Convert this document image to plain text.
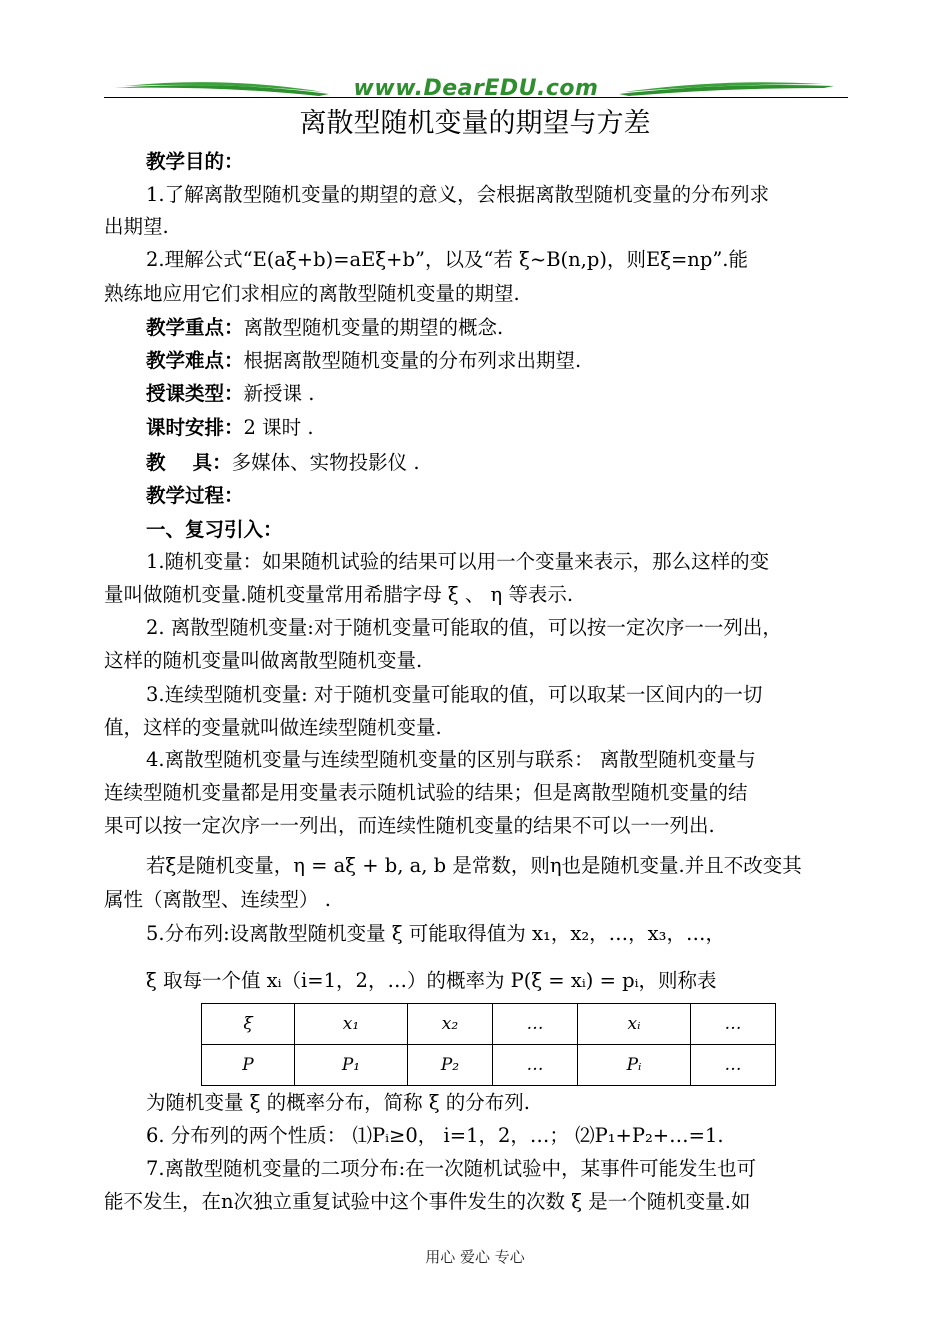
www.DearEDU.com
离散型随机变量的期望与方差
教学目的：
1.了解离散型随机变量的期望的意义，会根据离散型随机变量的分布列求
出期望.
2.理解公式“E(aξ+b)=aEξ+b”，以及“若 ξ~B(n,p)，则Eξ=np”.能
熟练地应用它们求相应的离散型随机变量的期望.
教学重点：离散型随机变量的期望的概念.
教学难点：根据离散型随机变量的分布列求出期望.
授课类型：新授课 .
课时安排：2 课时 .
教    具：多媒体、实物投影仪 .
教学过程：
一、复习引入：
1.随机变量：如果随机试验的结果可以用一个变量来表示，那么这样的变
量叫做随机变量.随机变量常用希腊字母 ξ 、 η 等表示.
2. 离散型随机变量:对于随机变量可能取的值，可以按一定次序一一列出，
这样的随机变量叫做离散型随机变量.
3.连续型随机变量: 对于随机变量可能取的值，可以取某一区间内的一切
值，这样的变量就叫做连续型随机变量.
4.离散型随机变量与连续型随机变量的区别与联系： 离散型随机变量与
连续型随机变量都是用变量表示随机试验的结果；但是离散型随机变量的结
果可以按一定次序一一列出，而连续性随机变量的结果不可以一一列出.
若ξ是随机变量，η = aξ + b, a, b 是常数，则η也是随机变量.并且不改变其
属性（离散型、连续型） .
5.分布列:设离散型随机变量 ξ 可能取得值为 x₁，x₂，…，x₃，…，
ξ 取每一个值 xᵢ（i=1，2，…）的概率为 P(ξ = xᵢ) = pᵢ，则称表
ξ	x₁	x₂	…	xᵢ	…
P	P₁	P₂	…	Pᵢ	…
为随机变量 ξ 的概率分布，简称 ξ 的分布列.
6. 分布列的两个性质： ⑴Pᵢ≥0， i=1，2，…； ⑵P₁+P₂+…=1.
7.离散型随机变量的二项分布:在一次随机试验中，某事件可能发生也可
能不发生，在n次独立重复试验中这个事件发生的次数 ξ 是一个随机变量.如
用心 爱心 专心
